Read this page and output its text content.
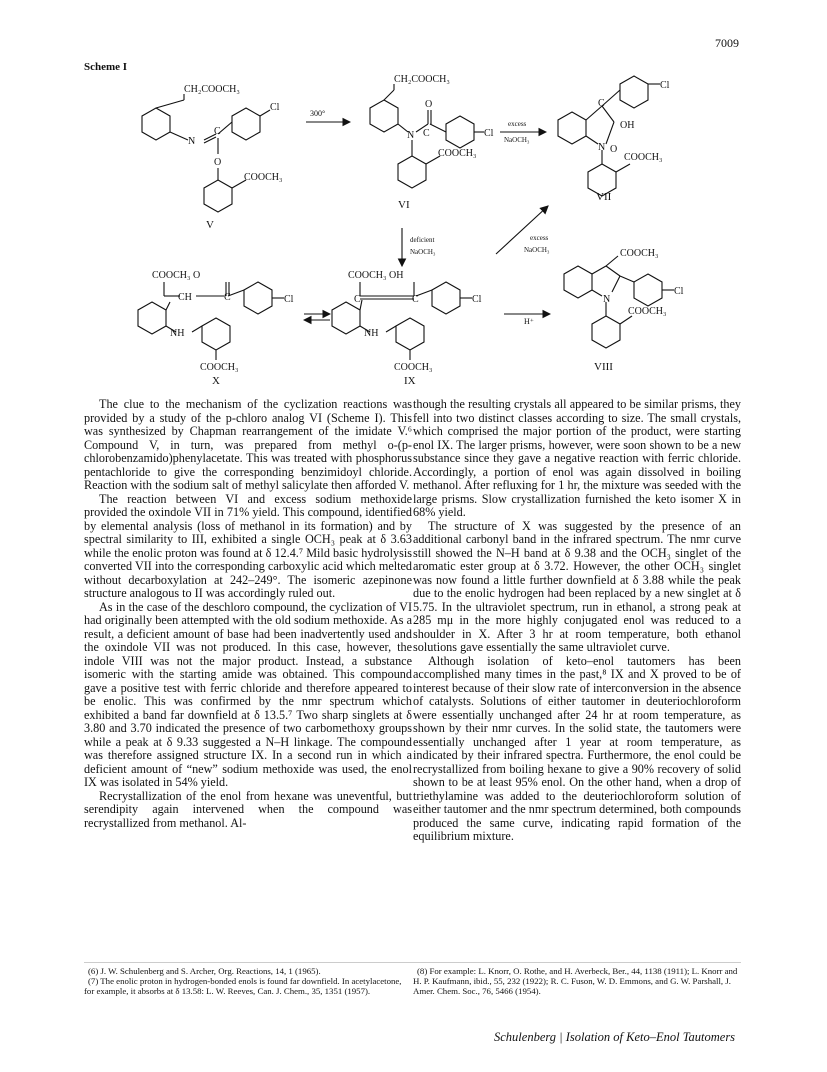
7009
Scheme I
CH₂COOCH₃
Cl
N
C
O
COOCH₃
V
300°
CH₂COOCH₃
O
N C	Cl
COOCH₃
VI
excess
NaOCH₃
C
Cl
OH
O
N
COOCH₃
VII
deficient
NaOCH₃
excess
NaOCH₃
COOCH₃ O
CH	C	Cl
NH
COOCH₃
X
COOCH₃ OH
C	C	Cl
NH
COOCH₃
IX
H⁺
COOCH₃
N
Cl
COOCH₃
VIII

The clue to the mechanism of the cyclization reactions was provided by a study of the p-chloro analog VI (Scheme I). This was synthesized by Chapman rearrangement of the imidate V.⁶ Compound V, in turn, was prepared from methyl o-(p-chlorobenzamido)phenylacetate. This was treated with phosphorus pentachloride to give the corresponding benzimidoyl chloride. Reaction with the sodium salt of methyl salicylate then afforded V.

The reaction between VI and excess sodium methoxide provided the oxindole VII in 71% yield. This compound, identified by elemental analysis (loss of methanol in its formation) and by spectral similarity to III, exhibited a single OCH₃ peak at δ 3.63 while the enolic proton was found at δ 12.4.⁷ Mild basic hydrolysis converted VII into the corresponding carboxylic acid which melted without decarboxylation at 242–249°. The isomeric azepinone structure analogous to II was accordingly ruled out.

As in the case of the deschloro compound, the cyclization of VI had originally been attempted with the old sodium methoxide. As a result, a deficient amount of base had been inadvertently used and the oxindole VII was not produced. In this case, however, the indole VIII was not the major product. Instead, a substance isomeric with the starting amide was obtained. This compound gave a positive test with ferric chloride and therefore appeared to be enolic. This was confirmed by the nmr spectrum which exhibited a band far downfield at δ 13.5.⁷ Two sharp singlets at δ 3.80 and 3.70 indicated the presence of two carbomethoxy groups while a peak at δ 9.33 suggested a N–H linkage. The compound was therefore assigned structure IX. In a second run in which a deficient amount of “new” sodium methoxide was used, the enol IX was isolated in 54% yield.

Recrystallization of the enol from hexane was uneventful, but serendipity again intervened when the compound was recrystallized from methanol. Al-

though the resulting crystals all appeared to be similar prisms, they fell into two distinct classes according to size. The small crystals, which comprised the major portion of the product, were starting enol IX. The larger prisms, however, were soon shown to be a new substance since they gave a negative reaction with ferric chloride. Accordingly, a portion of enol was again dissolved in boiling methanol. After refluxing for 1 hr, the mixture was seeded with the large prisms. Slow crystallization furnished the keto isomer X in 68% yield.

The structure of X was suggested by the presence of an additional carbonyl band in the infrared spectrum. The nmr curve still showed the N–H band at δ 9.38 and the OCH₃ singlet of the aromatic ester group at δ 3.72. However, the other OCH₃ singlet was now found a little further downfield at δ 3.88 while the peak due to the enolic hydrogen had been replaced by a new singlet at δ 5.75. In the ultraviolet spectrum, run in ethanol, a strong peak at 285 mμ in the more highly conjugated enol was reduced to a shoulder in X. After 3 hr at room temperature, both ethanol solutions gave essentially the same ultraviolet curve.

Although isolation of keto–enol tautomers has been accomplished many times in the past,⁸ IX and X proved to be of interest because of their slow rate of interconversion in the absence of catalysts. Solutions of either tautomer in deuteriochloroform were essentially unchanged after 24 hr at room temperature, as shown by their nmr curves. In the solid state, the tautomers were essentially unchanged after 1 year at room temperature, as indicated by their infrared spectra. Furthermore, the enol could be recrystallized from boiling hexane to give a 90% recovery of solid shown to be at least 95% enol. On the other hand, when a drop of triethylamine was added to the deuteriochloroform solution of either tautomer and the nmr spectrum determined, both compounds produced the same curve, indicating rapid formation of the equilibrium mixture.

(6) J. W. Schulenberg and S. Archer, Org. Reactions, 14, 1 (1965).

(7) The enolic proton in hydrogen-bonded enols is found far downfield. In acetylacetone, for example, it absorbs at δ 13.58: L. W. Reeves, Can. J. Chem., 35, 1351 (1957).

(8) For example: L. Knorr, O. Rothe, and H. Averbeck, Ber., 44, 1138 (1911); L. Knorr and H. P. Kaufmann, ibid., 55, 232 (1922); R. C. Fuson, W. D. Emmons, and G. W. Parshall, J. Amer. Chem. Soc., 76, 5466 (1954).

Schulenberg | Isolation of Keto–Enol Tautomers
